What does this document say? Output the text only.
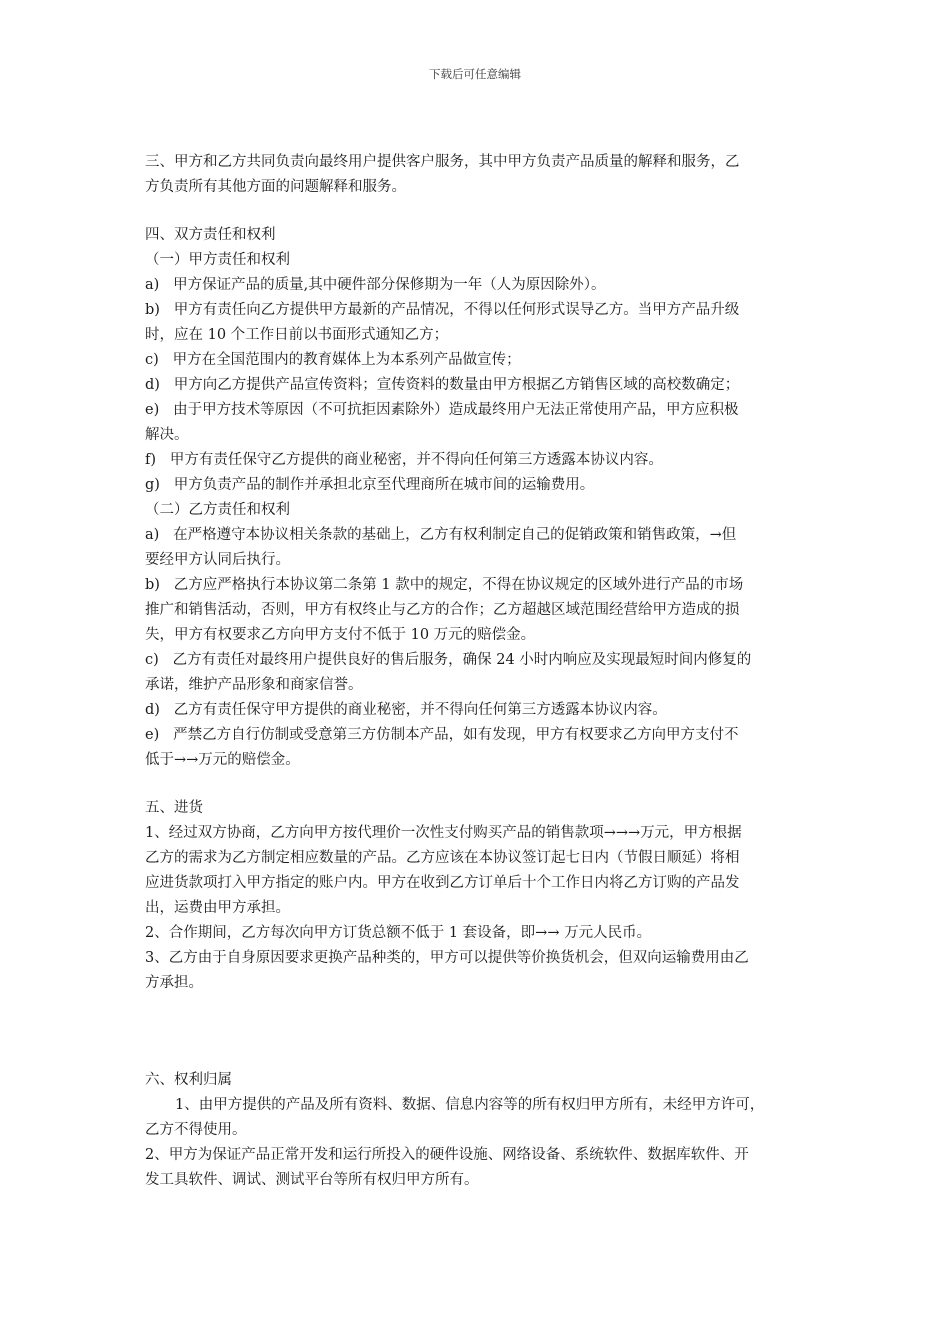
下载后可任意编辑
三、甲方和乙方共同负责向最终用户提供客户服务，其中甲方负责产品质量的解释和服务，乙
方负责所有其他方面的问题解释和服务。
四、双方责任和权利
（一）甲方责任和权利
a)   甲方保证产品的质量,其中硬件部分保修期为一年（人为原因除外）。
b)   甲方有责任向乙方提供甲方最新的产品情况，不得以任何形式误导乙方。当甲方产品升级
时，应在 10 个工作日前以书面形式通知乙方；
c)   甲方在全国范围内的教育媒体上为本系列产品做宣传；
d)   甲方向乙方提供产品宣传资料；宣传资料的数量由甲方根据乙方销售区域的高校数确定；
e)   由于甲方技术等原因（不可抗拒因素除外）造成最终用户无法正常使用产品，甲方应积极
解决。
f)   甲方有责任保守乙方提供的商业秘密，并不得向任何第三方透露本协议内容。
g)   甲方负责产品的制作并承担北京至代理商所在城市间的运输费用。
（二）乙方责任和权利
a)   在严格遵守本协议相关条款的基础上，乙方有权利制定自己的促销政策和销售政策，→但
要经甲方认同后执行。
b)   乙方应严格执行本协议第二条第 1 款中的规定，不得在协议规定的区域外进行产品的市场
推广和销售活动，否则，甲方有权终止与乙方的合作；乙方超越区域范围经营给甲方造成的损
失，甲方有权要求乙方向甲方支付不低于 10 万元的赔偿金。
c)   乙方有责任对最终用户提供良好的售后服务，确保 24 小时内响应及实现最短时间内修复的
承诺，维护产品形象和商家信誉。
d)   乙方有责任保守甲方提供的商业秘密，并不得向任何第三方透露本协议内容。
e)   严禁乙方自行仿制或受意第三方仿制本产品，如有发现，甲方有权要求乙方向甲方支付不
低于→→万元的赔偿金。
五、进货
1、经过双方协商，乙方向甲方按代理价一次性支付购买产品的销售款项→→→万元，甲方根据
乙方的需求为乙方制定相应数量的产品。乙方应该在本协议签订起七日内（节假日顺延）将相
应进货款项打入甲方指定的账户内。甲方在收到乙方订单后十个工作日内将乙方订购的产品发
出，运费由甲方承担。
2、合作期间，乙方每次向甲方订货总额不低于 1 套设备，即→→ 万元人民币。
3、乙方由于自身原因要求更换产品种类的，甲方可以提供等价换货机会，但双向运输费用由乙
方承担。
六、权利归属
1、由甲方提供的产品及所有资料、数据、信息内容等的所有权归甲方所有，未经甲方许可，
乙方不得使用。
2、甲方为保证产品正常开发和运行所投入的硬件设施、网络设备、系统软件、数据库软件、开
发工具软件、调试、测试平台等所有权归甲方所有。
